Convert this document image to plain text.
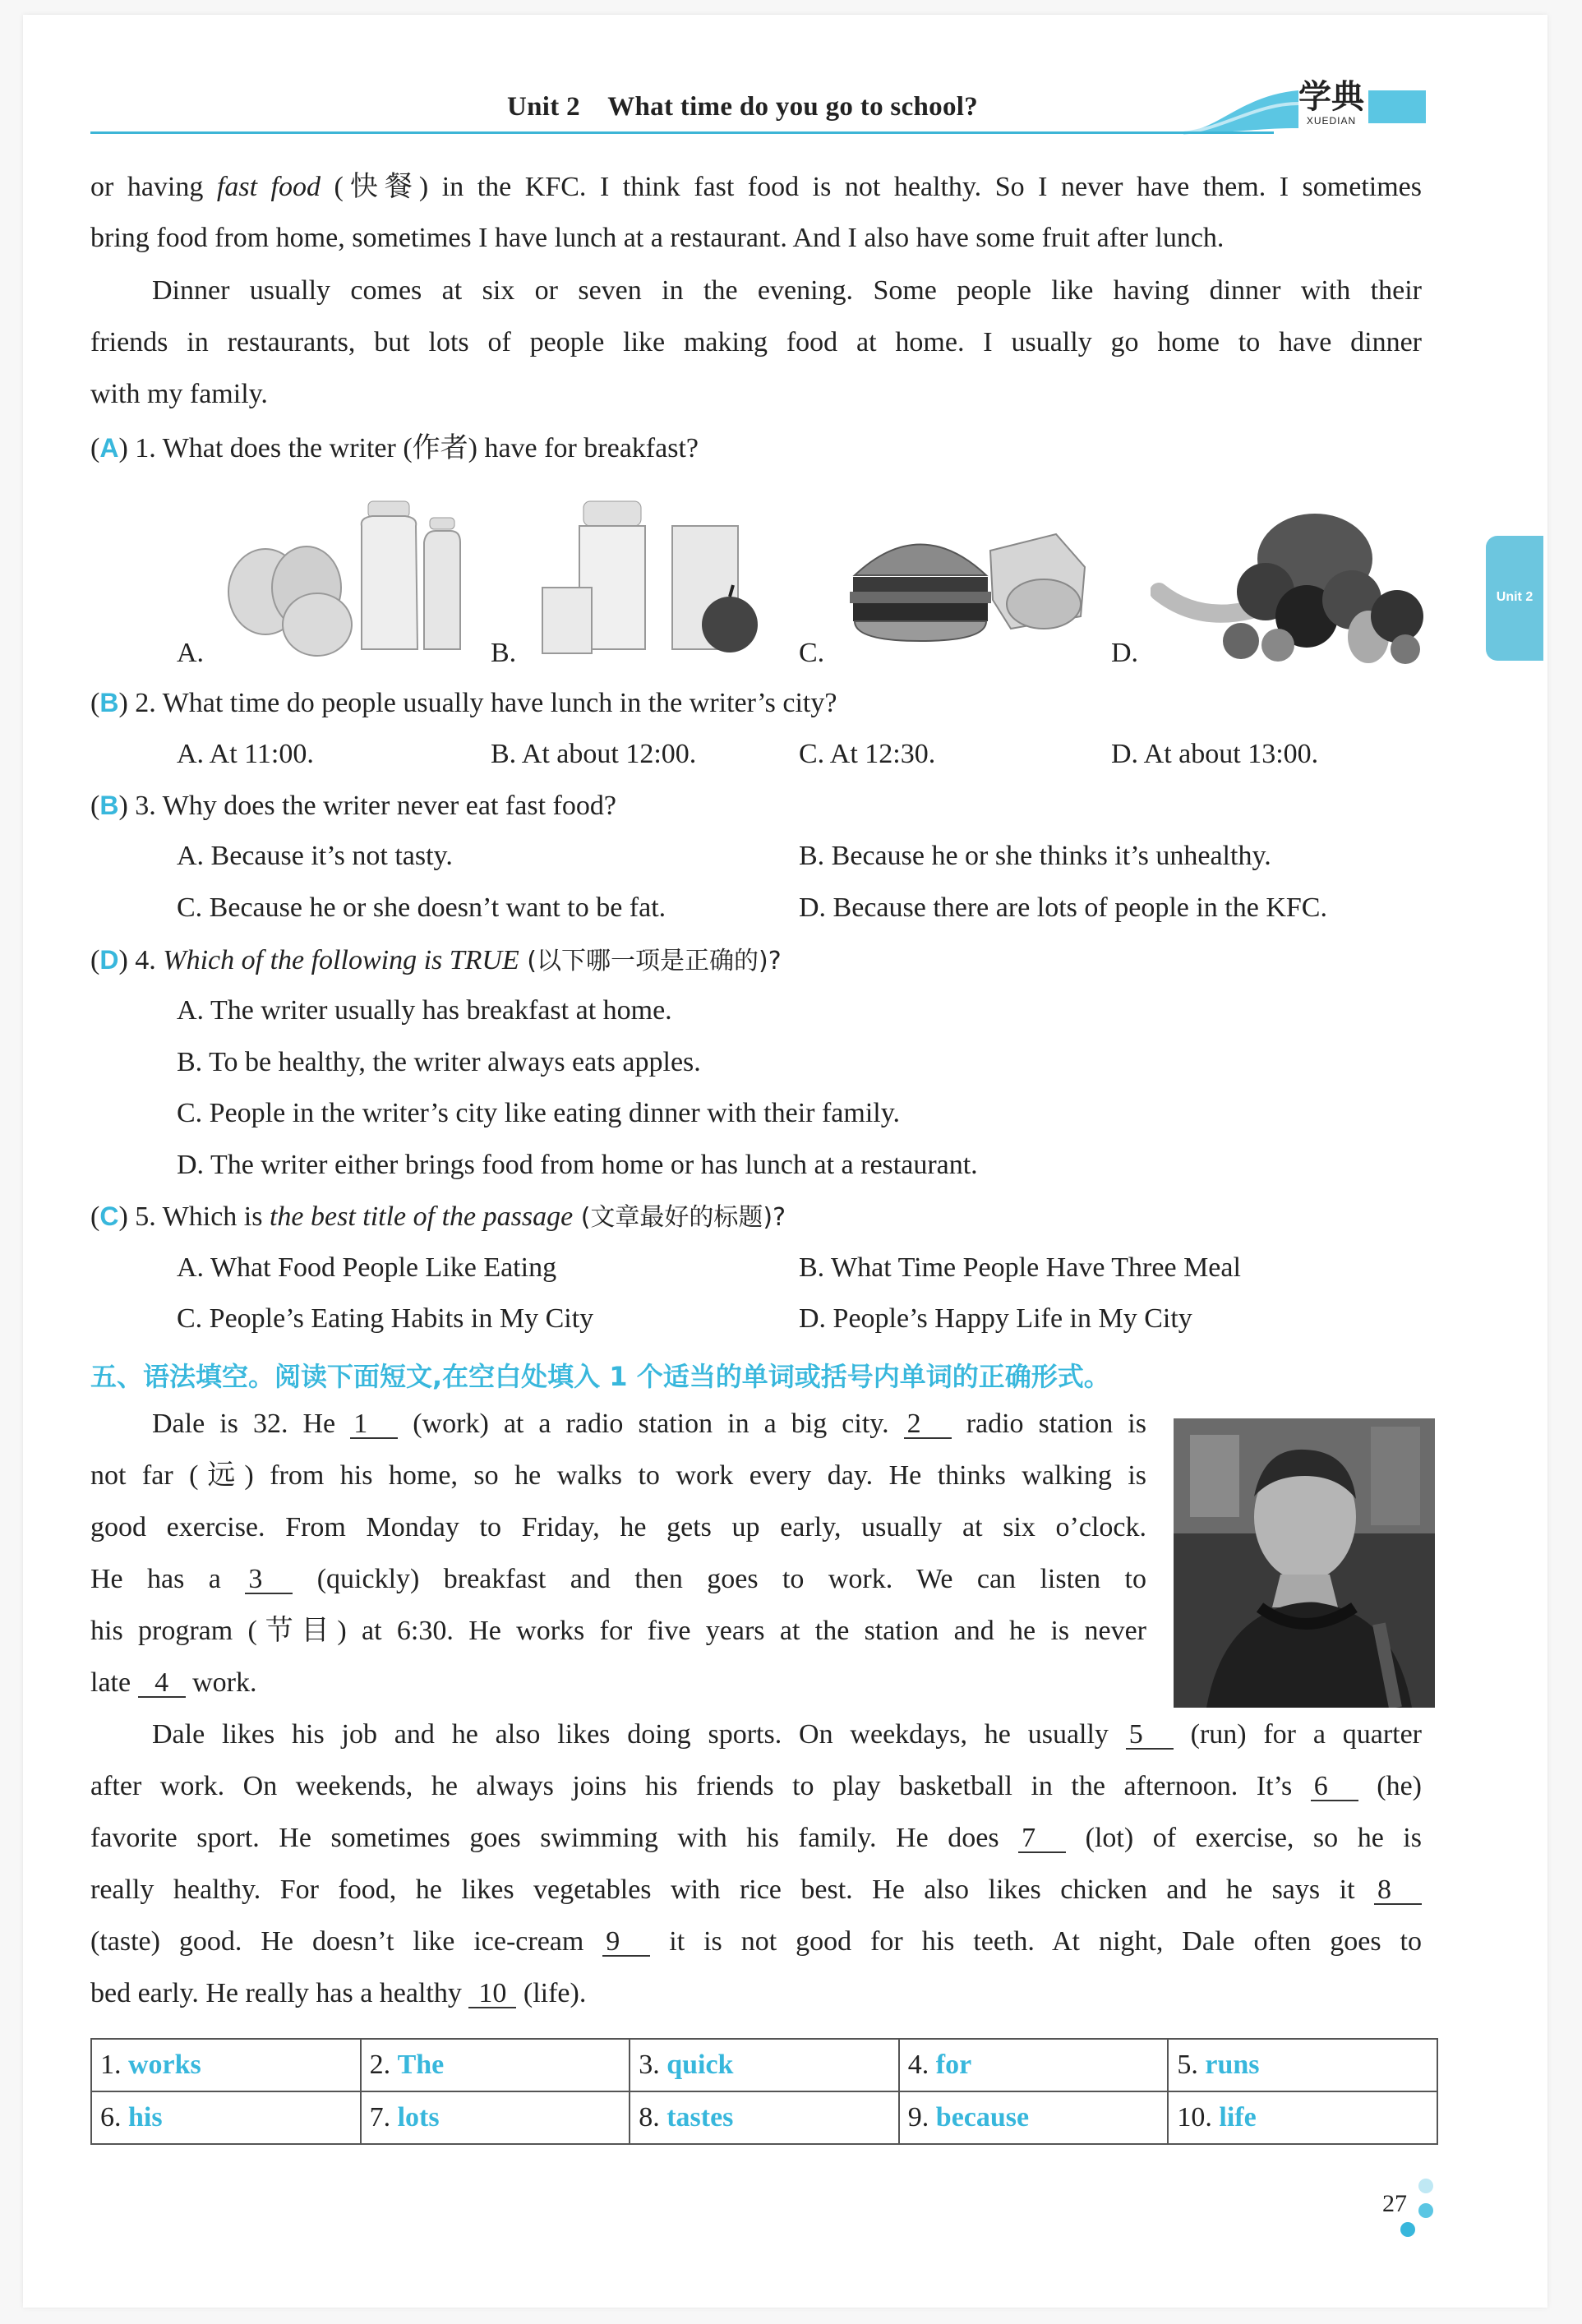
Unit 2 What time do you go to school?	学典
XUEDIAN
Unit 2
or having fast food (快餐) in the KFC. I think fast food is not healthy. So I never have them. I sometimes
bring food from home, sometimes I have lunch at a restaurant. And I also have some fruit after lunch.
Dinner usually comes at six or seven in the evening. Some people like having dinner with their
friends in restaurants, but lots of people like making food at home. I usually go home to have dinner
with my family.
(A) 1. What does the writer (作者) have for breakfast?
A.	B.	C.	D.
(B) 2. What time do people usually have lunch in the writer’s city?
A. At 11:00.	B. At about 12:00.	C. At 12:30.	D. At about 13:00.
(B) 3. Why does the writer never eat fast food?
A. Because it’s not tasty.	B. Because he or she thinks it’s unhealthy.
C. Because he or she doesn’t want to be fat.	D. Because there are lots of people in the KFC.
(D) 4. Which of the following is TRUE (以下哪一项是正确的)?
A. The writer usually has breakfast at home.
B. To be healthy, the writer always eats apples.
C. People in the writer’s city like eating dinner with their family.
D. The writer either brings food from home or has lunch at a restaurant.
(C) 5. Which is the best title of the passage (文章最好的标题)?
A. What Food People Like Eating	B. What Time People Have Three Meal
C. People’s Eating Habits in My City	D. People’s Happy Life in My City
五、语法填空。阅读下面短文,在空白处填入 1 个适当的单词或括号内单词的正确形式。
Dale is 32. He 1 (work) at a radio station in a big city. 2 radio station is
not far (远) from his home, so he walks to work every day. He thinks walking is
good exercise. From Monday to Friday, he gets up early, usually at six o’clock.
He has a 3 (quickly) breakfast and then goes to work. We can listen to
his program (节目) at 6:30. He works for five years at the station and he is never
late 4 work.
Dale likes his job and he also likes doing sports. On weekdays, he usually 5 (run) for a quarter
after work. On weekends, he always joins his friends to play basketball in the afternoon. It’s 6 (he)
favorite sport. He sometimes goes swimming with his family. He does 7 (lot) of exercise, so he is
really healthy. For food, he likes vegetables with rice best. He also likes chicken and he says it 8
(taste) good. He doesn’t like ice-cream 9 it is not good for his teeth. At night, Dale often goes to
bed early. He really has a healthy 10 (life).
1. works	2. The	3. quick	4. for	5. runs
6. his	7. lots	8. tastes	9. because	10. life
27
